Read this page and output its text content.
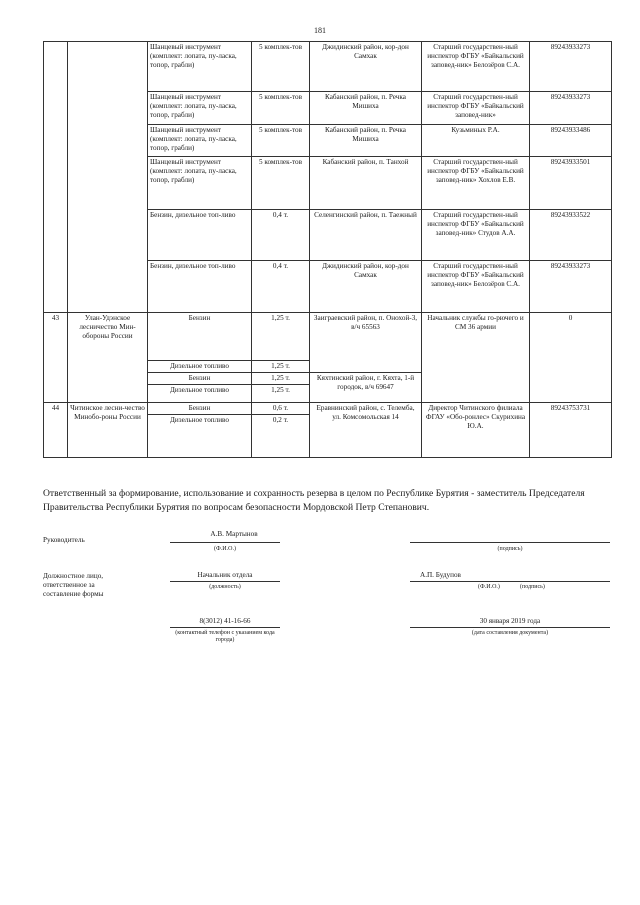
181
		Шанцевый инструмент (комплект: лопата, пу-ласка, топор, грабли)	5 комплек-тов	Джидинский район, кор-дон Самхак	Старший государствен-ный инспектор ФГБУ «Байкальский заповед-ник» Белозёров С.А.	89243933273
		Шанцевый инструмент (комплект: лопата, пу-ласка, топор, грабли)	5 комплек-тов	Кабанский район, п. Речка Мишиха	Старший государствен-ный инспектор ФГБУ «Байкальский заповед-ник»	89243933273
		Шанцевый инструмент (комплект: лопата, пу-ласка, топор, грабли)	5 комплек-тов	Кабанский район, п. Речка Мишиха	Кузьминых Р.А.	89243933486
		Шанцевый инструмент (комплект: лопата, пу-ласка, топор, грабли)	5 комплек-тов	Кабанский район, п. Танхой	Старший государствен-ный инспектор ФГБУ «Байкальский заповед-ник» Хохлов Е.В.	89243933501
		Бензин, дизельное топ-ливо	0,4 т.	Селенгинский район, п. Таежный	Старший государствен-ный инспектор ФГБУ «Байкальский заповед-ник» Студов А.А.	89243933522
		Бензин, дизельное топ-ливо	0,4 т.	Джидинский район, кор-дон Самхак	Старший государствен-ный инспектор ФГБУ «Байкальский заповед-ник» Белозёров С.А.	89243933273
43	Улан-Удэнское лесничество Мин-обороны России	Бензин	1,25 т.	Заиграевский район, п. Онохой-3, в/ч 65563	Начальник службы го-рючего и СМ 36 армии	0
		Дизельное топливо	1,25 т.			
		Бензин	1,25 т.	Кяхтинский район, г. Кяхта, 1-й городок, в/ч 69647		
		Дизельное топливо	1,25 т.			
44	Читинское лесни-чество Минобо-роны России	Бензин	0,6 т.	Еравнинский район, с. Телемба, ул. Комсомольская 14	Директор Читинского филиала ФГАУ «Обо-ронлес» Скурихина Ю.А.	89243753731
		Дизельное топливо	0,2 т.			
Ответственный за формирование, использование и сохранность резерва в целом по Республике Бурятия - заместитель Председателя Правительства Республики Бурятия по вопросам безопасности Мордовской Петр Степанович.
Руководитель
А.В. Мартынов
(Ф.И.О.)	(подпись)
Должностное лицо, ответственное за составление формы
Начальник отдела
(должность)
А.П. Будупов
(Ф.И.О.)	(подпись)
8(3012) 41-16-66
(контактный телефон с указанием кода города)
30 января 2019 года
(дата составления документа)
